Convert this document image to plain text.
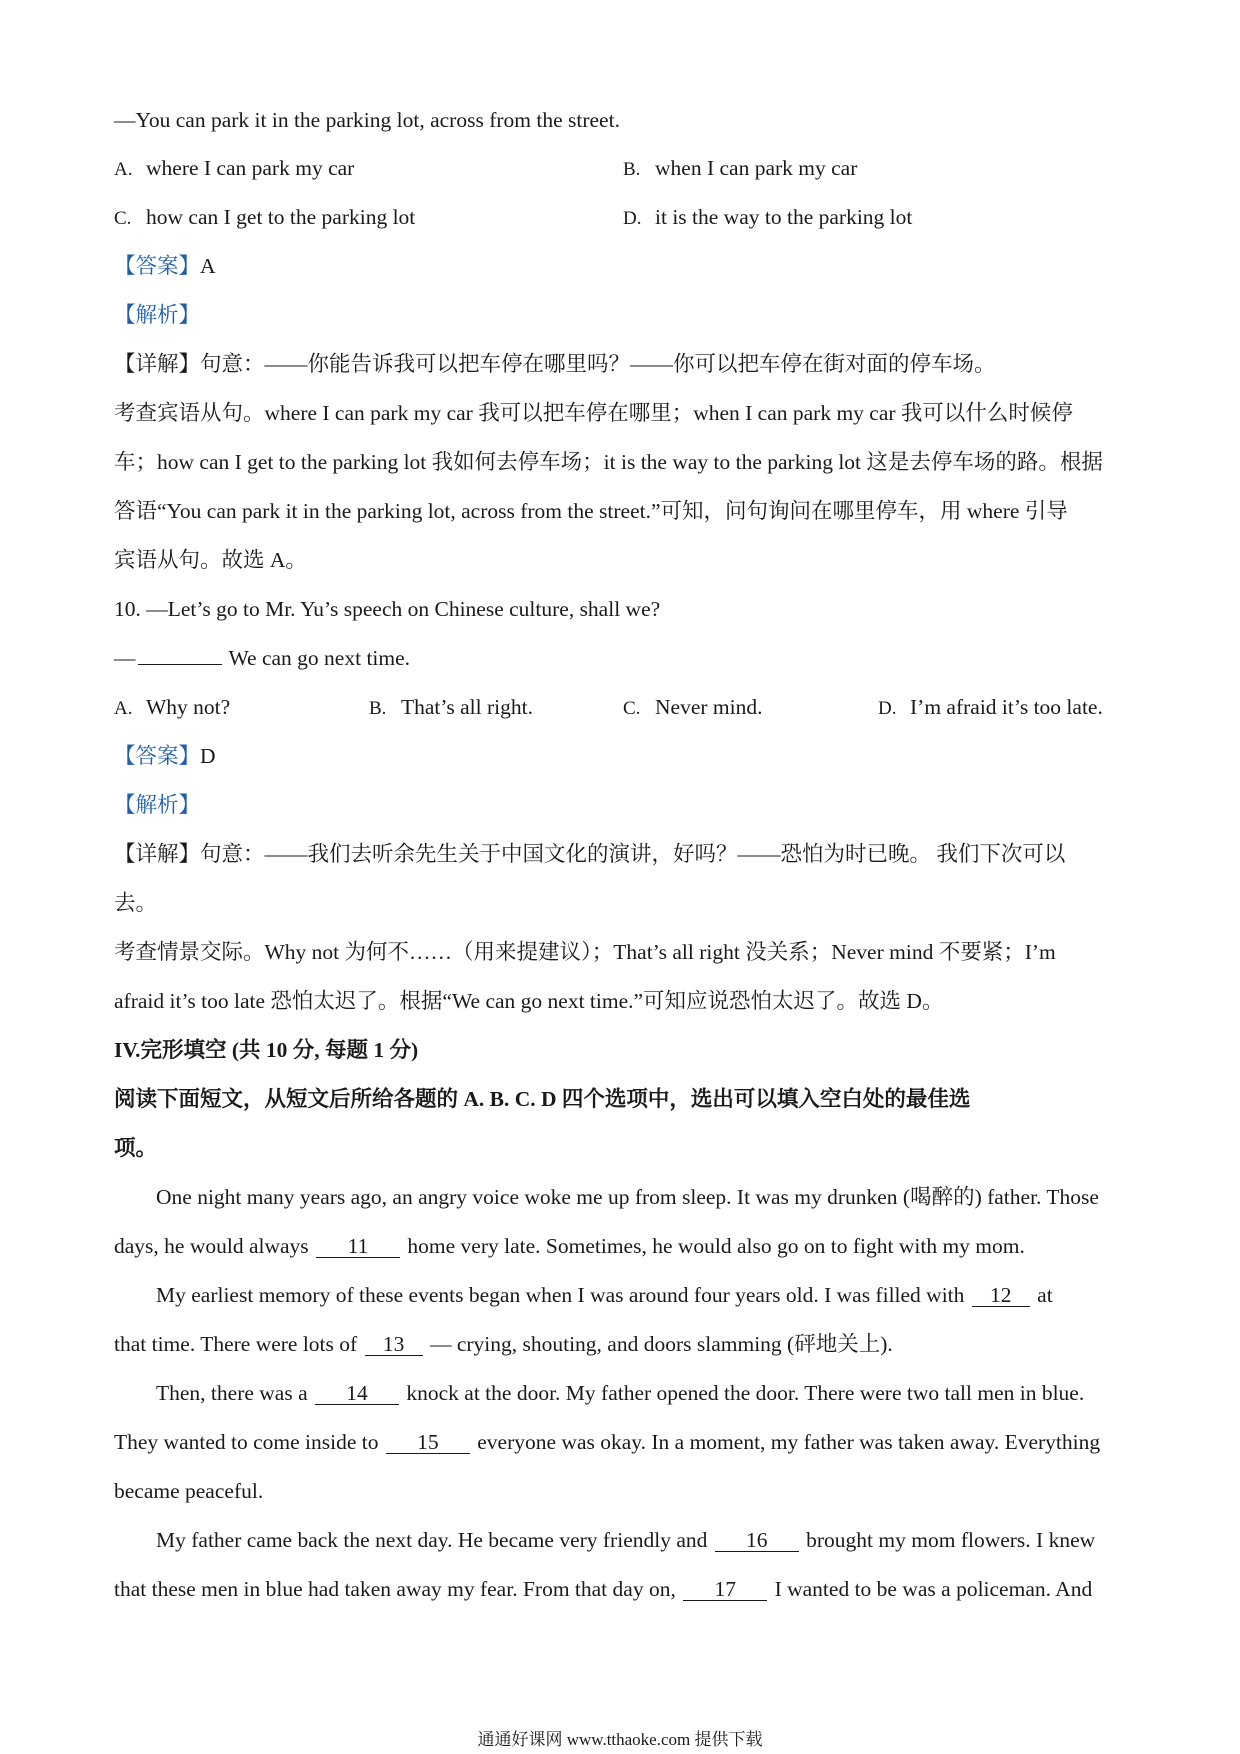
—You can park it in the parking lot, across from the street.
A. where I can park my car	B. when I can park my car
C. how can I get to the parking lot	D. it is the way to the parking lot
【答案】A
【解析】
【详解】句意：——你能告诉我可以把车停在哪里吗？——你可以把车停在街对面的停车场。
考查宾语从句。where I can park my car 我可以把车停在哪里；when I can park my car 我可以什么时候停
车；how can I get to the parking lot 我如何去停车场；it is the way to the parking lot 这是去停车场的路。根据
答语“You can park it in the parking lot, across from the street.”可知，问句询问在哪里停车，用 where 引导
宾语从句。故选 A。
10. —Let’s go to Mr. Yu’s speech on Chinese culture, shall we?
—	We can go next time.
A. Why not?	B. That’s all right.	C. Never mind.	D. I’m afraid it’s too late.
【答案】D
【解析】
【详解】句意：——我们去听余先生关于中国文化的演讲，好吗？——恐怕为时已晚。 我们下次可以
去。
考查情景交际。Why not 为何不……（用来提建议）；That’s all right 没关系；Never mind 不要紧；I’m
afraid it’s too late 恐怕太迟了。根据“We can go next time.”可知应说恐怕太迟了。故选 D。
IV.完形填空 (共 10 分, 每题 1 分)
阅读下面短文，从短文后所给各题的 A. B. C. D 四个选项中，选出可以填入空白处的最佳选
项。
One night many years ago, an angry voice woke me up from sleep. It was my drunken (喝醉的) father. Those
days, he would always 11 home very late. Sometimes, he would also go on to fight with my mom.
My earliest memory of these events began when I was around four years old. I was filled with 12 at
that time. There were lots of 13 — crying, shouting, and doors slamming (砰地关上).
Then, there was a 14 knock at the door. My father opened the door. There were two tall men in blue.
They wanted to come inside to 15 everyone was okay. In a moment, my father was taken away. Everything
became peaceful.
My father came back the next day. He became very friendly and 16 brought my mom flowers. I knew
that these men in blue had taken away my fear. From that day on, 17 I wanted to be was a policeman. And
通通好课网 www.tthaoke.com 提供下载
